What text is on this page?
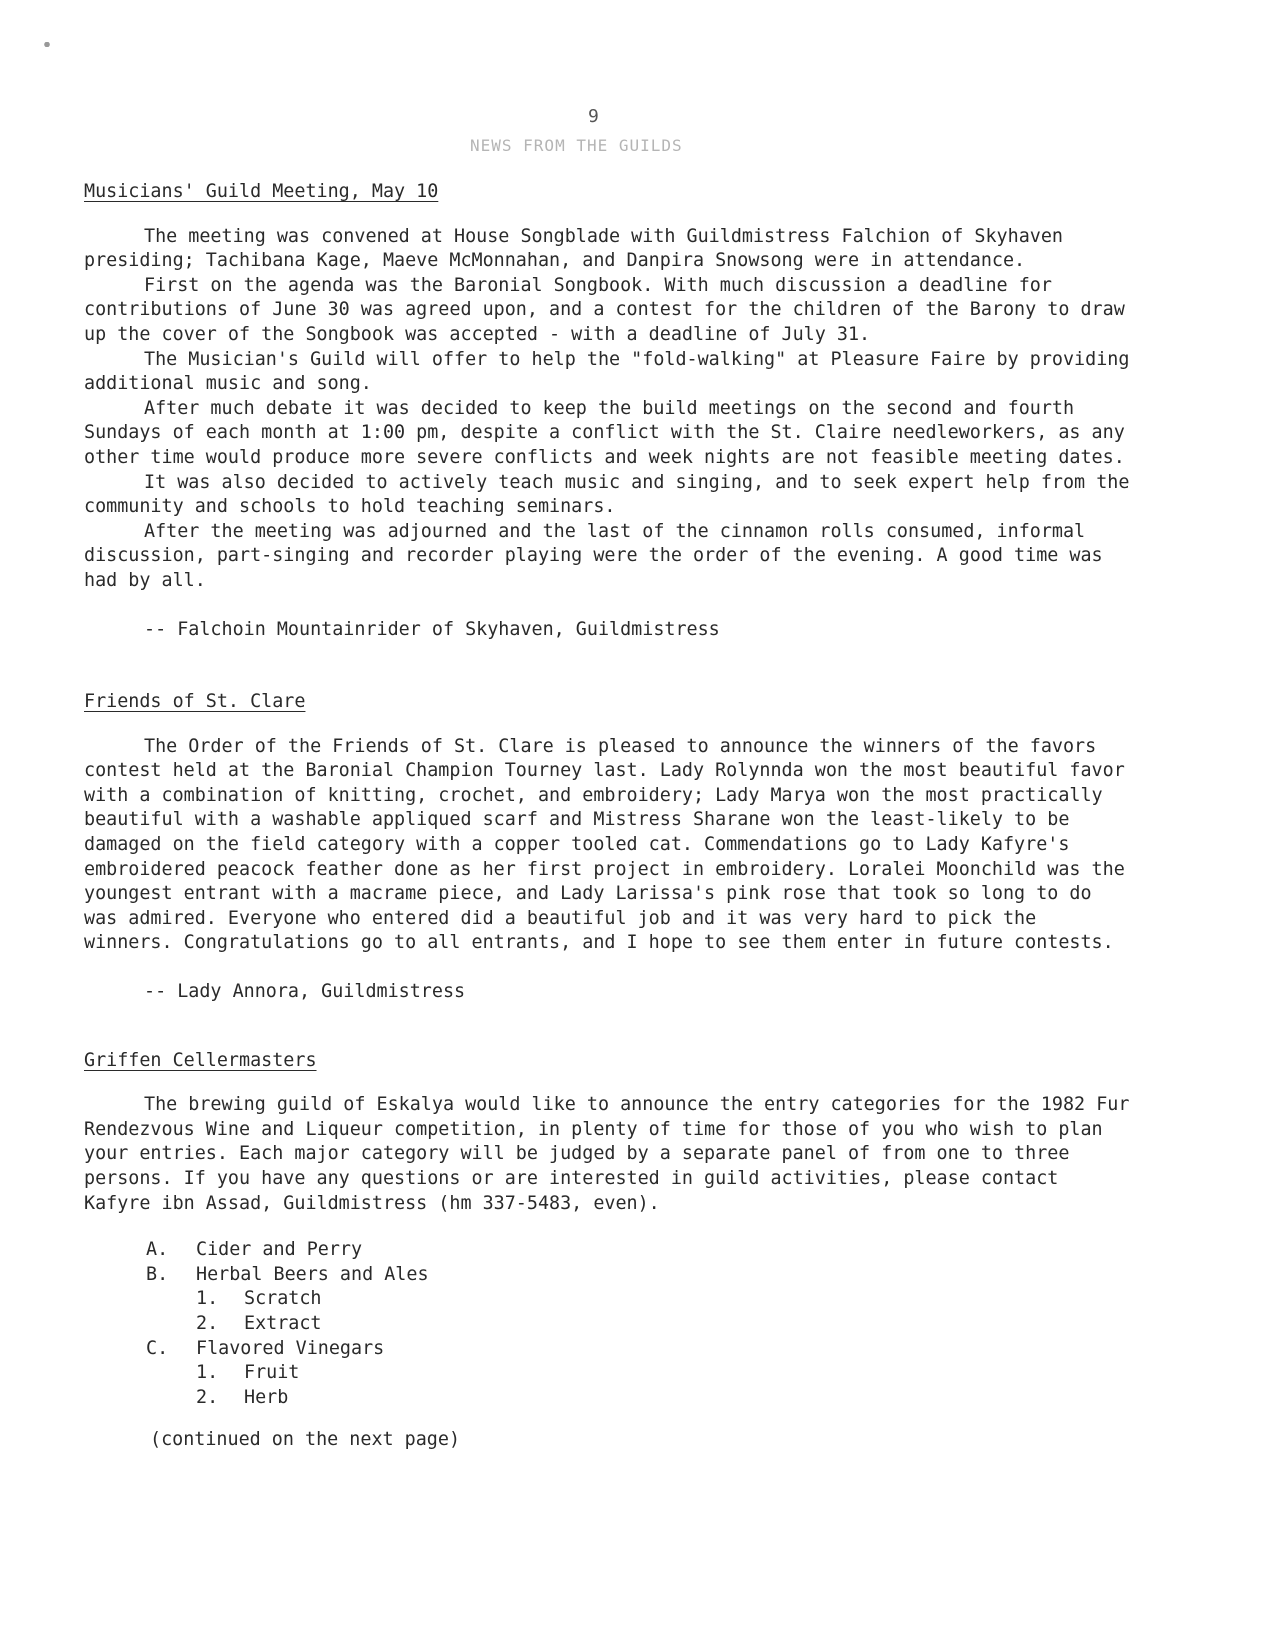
9
NEWS FROM THE GUILDS
Musicians' Guild Meeting, May 10

The meeting was convened at House Songblade with Guildmistress Falchion of Skyhaven presiding; Tachibana Kage, Maeve McMonnahan, and Danpira Snowsong were in attendance.

First on the agenda was the Baronial Songbook. With much discussion a deadline for contributions of June 30 was agreed upon, and a contest for the children of the Barony to draw up the cover of the Songbook was accepted - with a deadline of July 31.

The Musician's Guild will offer to help the "fold-walking" at Pleasure Faire by providing additional music and song.

After much debate it was decided to keep the build meetings on the second and fourth Sundays of each month at 1:00 pm, despite a conflict with the St. Claire needleworkers, as any other time would produce more severe conflicts and week nights are not feasible meeting dates.

It was also decided to actively teach music and singing, and to seek expert help from the community and schools to hold teaching seminars.

After the meeting was adjourned and the last of the cinnamon rolls consumed, informal discussion, part-singing and recorder playing were the order of the evening. A good time was had by all.

-- Falchoin Mountainrider of Skyhaven, Guildmistress

Friends of St. Clare

The Order of the Friends of St. Clare is pleased to announce the winners of the favors contest held at the Baronial Champion Tourney last. Lady Rolynnda won the most beautiful favor with a combination of knitting, crochet, and embroidery; Lady Marya won the most practically beautiful with a washable appliqued scarf and Mistress Sharane won the least-likely to be damaged on the field category with a copper tooled cat. Commendations go to Lady Kafyre's embroidered peacock feather done as her first project in embroidery. Loralei Moonchild was the youngest entrant with a macrame piece, and Lady Larissa's pink rose that took so long to do was admired. Everyone who entered did a beautiful job and it was very hard to pick the winners. Congratulations go to all entrants, and I hope to see them enter in future contests.

-- Lady Annora, Guildmistress

Griffen Cellermasters

The brewing guild of Eskalya would like to announce the entry categories for the 1982 Fur Rendezvous Wine and Liqueur competition, in plenty of time for those of you who wish to plan your entries. Each major category will be judged by a separate panel of from one to three persons. If you have any questions or are interested in guild activities, please contact Kafyre ibn Assad, Guildmistress (hm 337-5483, even).

A.	Cider and Perry
B.	Herbal Beers and Ales
1.	Scratch
2.	Extract
C.	Flavored Vinegars
1.	Fruit
2.	Herb

(continued on the next page)
